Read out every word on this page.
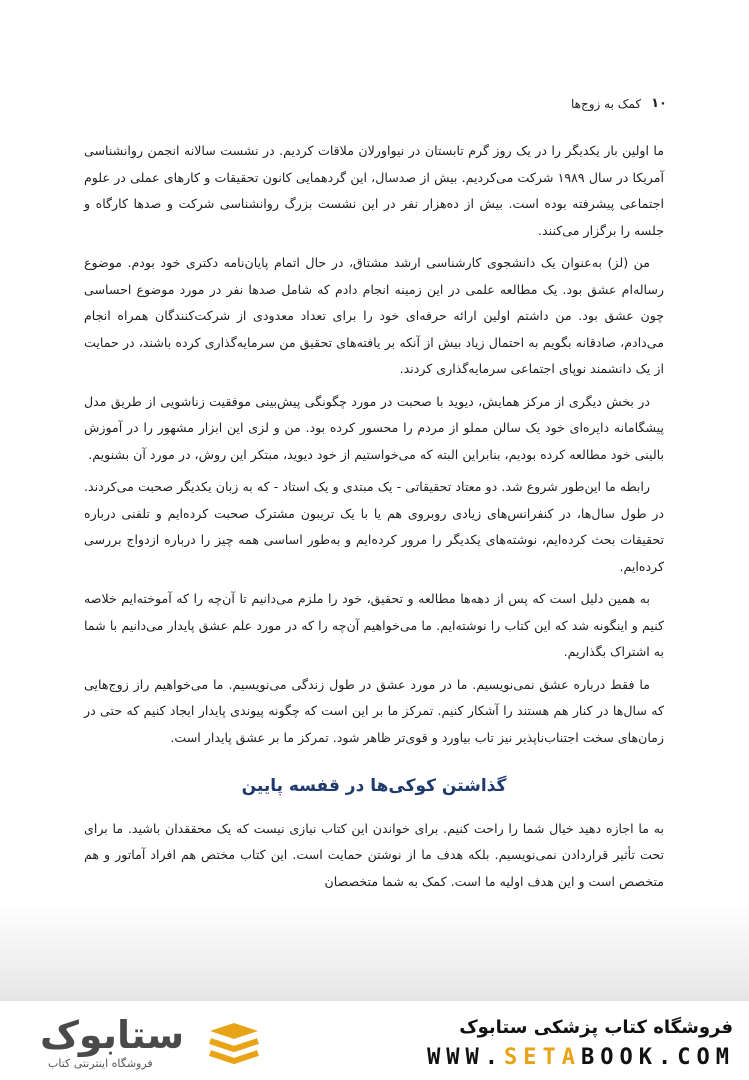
۱۰
کمک به زوج‌ها

ما اولین بار یکدیگر را در یک روز گرم تابستان در نیواورلان ملاقات کردیم. در نشست سالانه انجمن روانشناسی آمریکا در سال ۱۹۸۹ شرکت می‌کردیم. بیش از صدسال، این گردهمایی کانون تحقیقات و کارهای عملی در علوم اجتماعی پیشرفته بوده است. بیش از ده‌هزار نفر در این نشست بزرگ روانشناسی شرکت و صدها کارگاه و جلسه را برگزار می‌کنند.

من (لز) به‌عنوان یک دانشجوی کارشناسی ارشد مشتاق، در حال اتمام پایان‌نامه دکتری خود بودم. موضوع رساله‌ام عشق بود. یک مطالعه علمی در این زمینه انجام دادم که شامل صدها نفر در مورد موضوع احساسی چون عشق بود. من داشتم اولین ارائه حرفه‌ای خود را برای تعداد معدودی از شرکت‌کنندگان همراه انجام می‌دادم، صادقانه بگویم به احتمال زیاد بیش از آنکه بر یافته‌های تحقیق من سرمایه‌گذاری کرده باشند، در حمایت از یک دانشمند نوپای اجتماعی سرمایه‌گذاری کردند.

در بخش دیگری از مرکز همایش، دیوید با صحبت در مورد چگونگی پیش‌بینی موفقیت زناشویی از طریق مدل پیشگامانه دایره‌ای خود یک سالن مملو از مردم را محسور کرده بود. من و لزی این ابزار مشهور را در آموزش بالینی خود مطالعه کرده بودیم، بنابراین البته که می‌خواستیم از خود دیوید، مبتکر این روش، در مورد آن بشنویم.

رابطه ما این‌طور شروع شد. دو معتاد تحقیقاتی - یک مبتدی و یک استاد - که به زبان یکدیگر صحبت می‌کردند. در طول سال‌ها، در کنفرانس‌های زیادی روبروی هم یا با یک تریبون مشترک صحبت کرده‌ایم و تلفنی درباره تحقیقات بحث کرده‌ایم، نوشته‌های یکدیگر را مرور کرده‌ایم و به‌طور اساسی همه چیز را درباره ازدواج بررسی کرده‌ایم.

به همین دلیل است که پس از دهه‌ها مطالعه و تحقیق، خود را ملزم می‌دانیم تا آن‌چه را که آموخته‌ایم خلاصه کنیم و اینگونه شد که این کتاب را نوشته‌ایم. ما می‌خواهیم آن‌چه را که در مورد علم عشق پایدار می‌دانیم با شما به اشتراک بگذاریم.

ما فقط درباره عشق نمی‌نویسیم. ما در مورد عشق در طول زندگی می‌نویسیم. ما می‌خواهیم راز زوج‌هایی که سال‌ها در کنار هم هستند را آشکار کنیم. تمرکز ما بر این است که چگونه پیوندی پایدار ایجاد کنیم که حتی در زمان‌های سخت اجتناب‌ناپذیر نیز تاب بیاورد و قوی‌تر ظاهر شود. تمرکز ما بر عشق پایدار است.

گذاشتن کوکی‌ها در قفسه پایین

به ما اجازه دهید خیال شما را راحت کنیم. برای خواندن این کتاب نیازی نیست که یک محققدان باشید. ما برای تحت تأثیر قراردادن نمی‌نویسیم. بلکه هدف ما از نوشتن حمایت است. این کتاب مختص هم افراد آماتور و هم متخصص است و این هدف اولیه ما است. کمک به شما متخصصان

ستابوک
فروشگاه اینترنتی کتاب
فروشگاه کتاب پزشکی ستابوک
WWW.SETABOOK.COM
